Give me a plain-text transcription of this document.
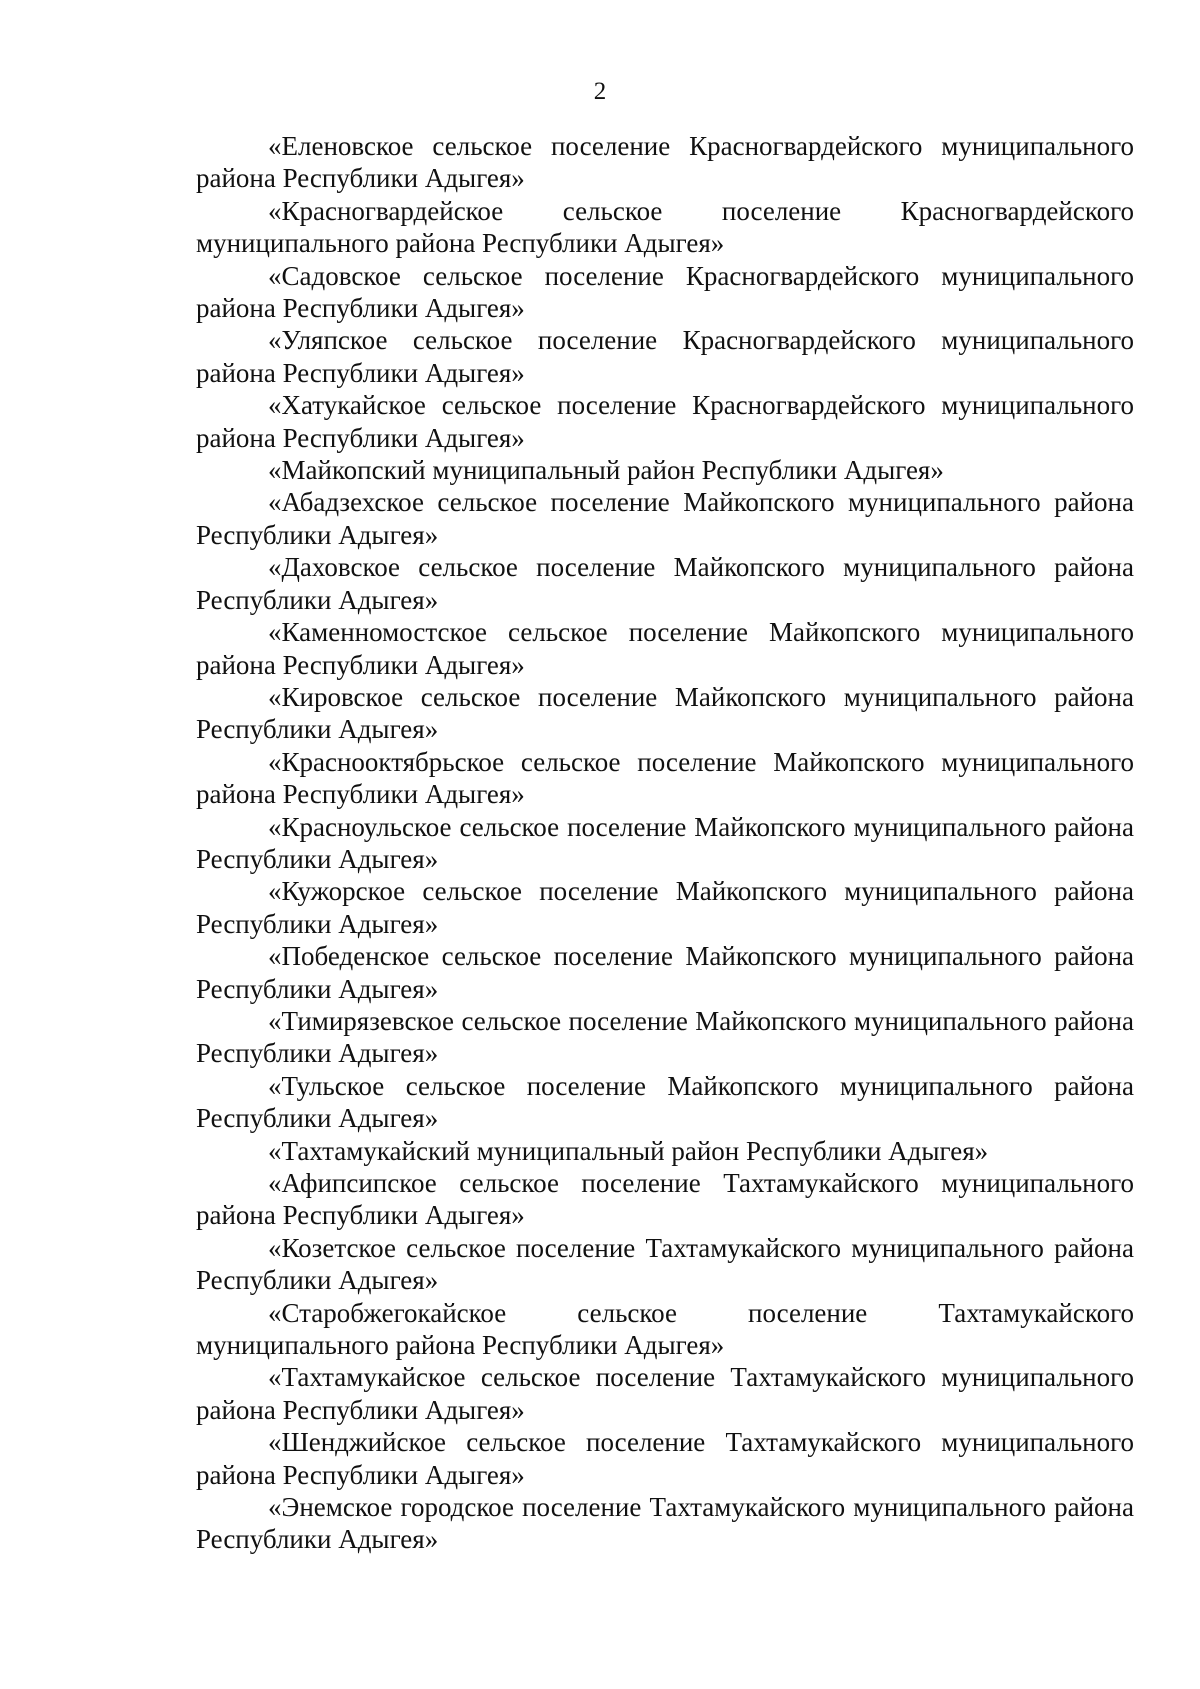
2

«Еленовское сельское поселение Красногвардейского муниципального района Республики Адыгея»

«Красногвардейское сельское поселение Красногвардейского муниципального района Республики Адыгея»

«Садовское сельское поселение Красногвардейского муниципального района Республики Адыгея»

«Уляпское сельское поселение Красногвардейского муниципального района Республики Адыгея»

«Хатукайское сельское поселение Красногвардейского муниципального района Республики Адыгея»

«Майкопский муниципальный район Республики Адыгея»

«Абадзехское сельское поселение Майкопского муниципального района Республики Адыгея»

«Даховское сельское поселение Майкопского муниципального района Республики Адыгея»

«Каменномостское сельское поселение Майкопского муниципального района Республики Адыгея»

«Кировское сельское поселение Майкопского муниципального района Республики Адыгея»

«Краснооктябрьское сельское поселение Майкопского муниципального района Республики Адыгея»

«Красноульское сельское поселение Майкопского муниципального района Республики Адыгея»

«Кужорское сельское поселение Майкопского муниципального района Республики Адыгея»

«Победенское сельское поселение Майкопского муниципального района Республики Адыгея»

«Тимирязевское сельское поселение Майкопского муниципального района Республики Адыгея»

«Тульское сельское поселение Майкопского муниципального района Республики Адыгея»

«Тахтамукайский муниципальный район Республики Адыгея»

«Афипсипское сельское поселение Тахтамукайского муниципального района Республики Адыгея»

«Козетское сельское поселение Тахтамукайского муниципального района Республики Адыгея»

«Старобжегокайское сельское поселение Тахтамукайского муниципального района Республики Адыгея»

«Тахтамукайское сельское поселение Тахтамукайского муниципального района Республики Адыгея»

«Шенджийское сельское поселение Тахтамукайского муниципального района Республики Адыгея»

«Энемское городское поселение Тахтамукайского муниципального района Республики Адыгея»
